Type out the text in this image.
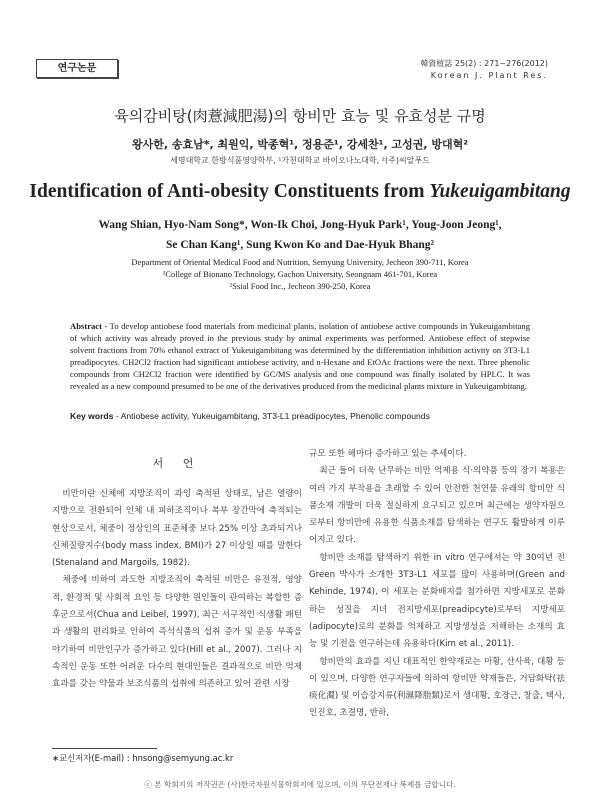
연구논문	韓資植誌 25(2) : 271~276(2012)
Korean J. Plant Res.
육의감비탕(肉薏減肥湯)의 항비만 효능 및 유효성분 규명
왕사한, 송효남*, 최원익, 박종혁¹, 정용준¹, 강세찬¹, 고성권, 방대혁²
세명대학교 한방식품영양학부, ¹가천대학교 바이오나노대학, ²(주)씨알푸드
Identification of Anti-obesity Constituents from Yukeuigambitang
Wang Shian, Hyo-Nam Song*, Won-Ik Choi, Jong-Hyuk Park¹, Youg-Joon Jeong¹,
Se Chan Kang¹, Sung Kwon Ko and Dae-Hyuk Bhang²
Department of Oriental Medical Food and Nutrition, Semyung University, Jecheon 390-711, Korea
¹College of Bionano Technology, Gachon University, Seongnam 461-701, Korea
²Ssial Food Inc., Jecheon 390-250, Korea
Abstract - To develop antiobese food materials from medicinal plants, isolation of antiobese active compounds in Yukeuigambitang of which activity was already proved in the previous study by animal experiments was performed. Antiobese effect of stepwise solvent fractions from 70% ethanol extract of Yukeuigambitang was determined by the differentiation inhibition activity on 3T3-L1 preadipocytes. CH2Cl2 fraction had significant antiobese activity, and n-Hexane and EtOAc fractions were the next. Three phenolic compounds from CH2Cl2 fraction were identified by GC/MS analysis and one compound was finally isolated by HPLC. It was revealed as a new compound presumed to be one of the derivatives produced from the medicinal plants mixture in Yukeuigambitang.
Key words - Antiobese activity, Yukeuigambitang, 3T3-L1 preadipocytes, Phenolic compounds
서 언

비만이란 신체에 지방조직이 과잉 축적된 상태로, 남은 열량이 지방으로 전환되어 인체 내 피하조직이나 복부 장간막에 축적되는 현상으로서, 체중이 정상인의 표준체중 보다 25% 이상 초과되거나 신체질량지수(body mass index, BMI)가 27 이상일 때를 말한다(Stenaland and Margoils, 1982).

체중에 비하여 과도한 지방조직이 축적된 비만은 유전적, 영양적, 환경적 및 사회적 요인 등 다양한 원인들이 관여하는 복합한 증후군으로서(Chua and Leibel, 1997), 최근 서구적인 식생활 패턴과 생활의 편리화로 인하여 즉석식품의 섭취 증가 및 운동 부족을 야기하여 비만인구가 증가하고 있다(Hill et al., 2007). 그러나 지속적인 운동 또한 어려운 다수의 현대인들은 결과적으로 비만 억제효과를 갖는 약물과 보조식품의 섭취에 의존하고 있어 관련 시장

규모 또한 해마다 증가하고 있는 추세이다.

최근 들어 더욱 난무하는 비만 억제용 식·의약품 등의 장기 복용은 여러 가지 부작용을 초래할 수 있어 안전한 천연물 유래의 항비만 식품소재 개발이 더욱 절실하게 요구되고 있으며 최근에는 생약자원으로부터 항비만에 유용한 식품소재를 탐색하는 연구도 활발하게 이루어지고 있다.

항비만 소재를 탐색하기 위한 in vitro 연구에서는 약 30여년 전 Green 박사가 소개한 3T3-L1 세포를 많이 사용하며(Green and Kehinde, 1974), 이 세포는 분화배지를 첨가하면 지방세포로 분화하는 성질을 지녀 전지방세포(preadipcyte)로부터 지방세포(adipocyte)로의 분화를 억제하고 지방생성을 저해하는 소재의 효능 및 기전을 연구하는데 유용하다(Kim et al., 2011).

항비만의 효과를 지닌 대표적인 한약재로는 마황, 산사육, 대황 등이 있으며, 다양한 연구자들에 의하여 항비만 약재들은, 거담화탁(祛痰化濁) 및 이습강지류(利濕降脂類)로서 생대황, 호장근, 창출, 택사, 인진호, 초결명, 반하,

∗교신저자(E-mail) : hnsong@semyung.ac.kr
ⓒ 본 학회지의 저작권은 (사)한국자원식물학회지에 있으며, 이의 무단전재나 복제를 금합니다.
